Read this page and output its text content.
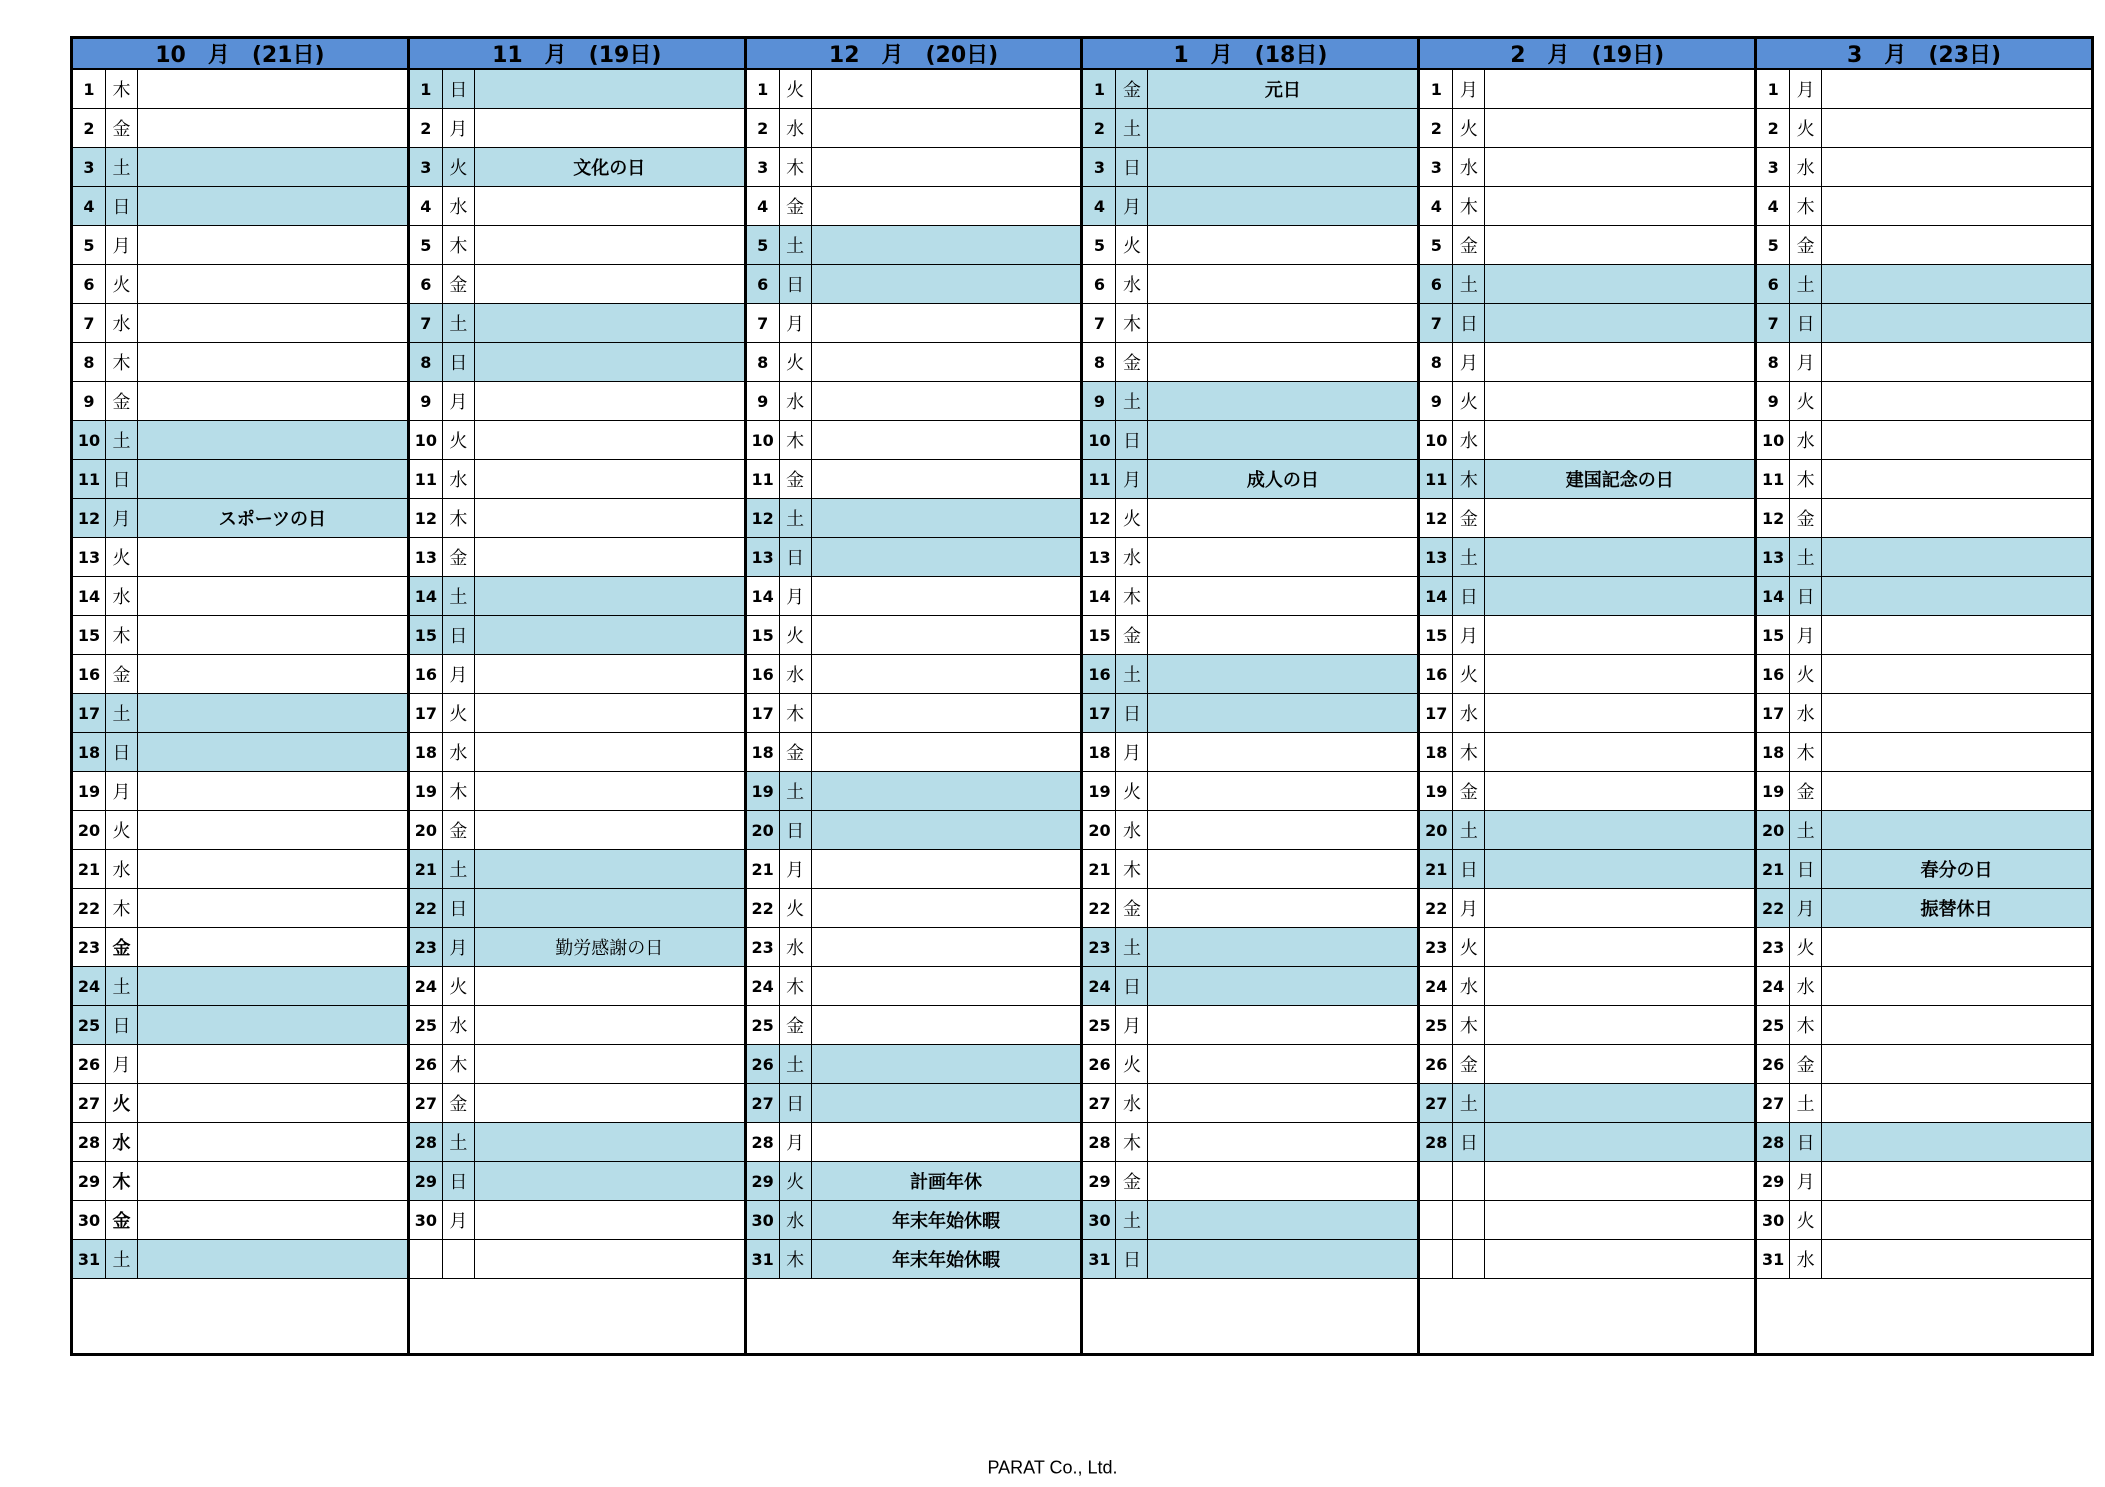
10　月　(21日)
1 木
2 金
3 土
4 日
5 月
6 火
7 水
8 木
9 金
10 土
11 日
12 月	スポーツの日
13 火
14 水
15 木
16 金
17 土
18 日
19 月
20 火
21 水
22 木
23 金
24 土
25 日
26 月
27 火
28 水
29 木
30 金
31 土
11　月　(19日)
1 日
2 月
3 火	文化の日
4 水
5 木
6 金
7 土
8 日
9 月
10 火
11 水
12 木
13 金
14 土
15 日
16 月
17 火
18 水
19 木
20 金
21 土
22 日
23 月	勤労感謝の日
24 火
25 水
26 木
27 金
28 土
29 日
30 月
12　月　(20日)
1 火
2 水
3 木
4 金
5 土
6 日
7 月
8 火
9 水
10 木
11 金
12 土
13 日
14 月
15 火
16 水
17 木
18 金
19 土
20 日
21 月
22 火
23 水
24 木
25 金
26 土
27 日
28 月
29 火	計画年休
30 水	年末年始休暇
31 木	年末年始休暇
1　月　(18日)
1 金	元日
2 土
3 日
4 月
5 火
6 水
7 木
8 金
9 土
10 日
11 月	成人の日
12 火
13 水
14 木
15 金
16 土
17 日
18 月
19 火
20 水
21 木
22 金
23 土
24 日
25 月
26 火
27 水
28 木
29 金
30 土
31 日
2　月　(19日)
1 月
2 火
3 水
4 木
5 金
6 土
7 日
8 月
9 火
10 水
11 木	建国記念の日
12 金
13 土
14 日
15 月
16 火
17 水
18 木
19 金
20 土
21 日
22 月
23 火
24 水
25 木
26 金
27 土
28 日
3　月　(23日)
1 月
2 火
3 水
4 木
5 金
6 土
7 日
8 月
9 火
10 水
11 木
12 金
13 土
14 日
15 月
16 火
17 水
18 木
19 金
20 土
21 日	春分の日
22 月	振替休日
23 火
24 水
25 木
26 金
27 土
28 日
29 月
30 火
31 水
PARAT Co., Ltd.
